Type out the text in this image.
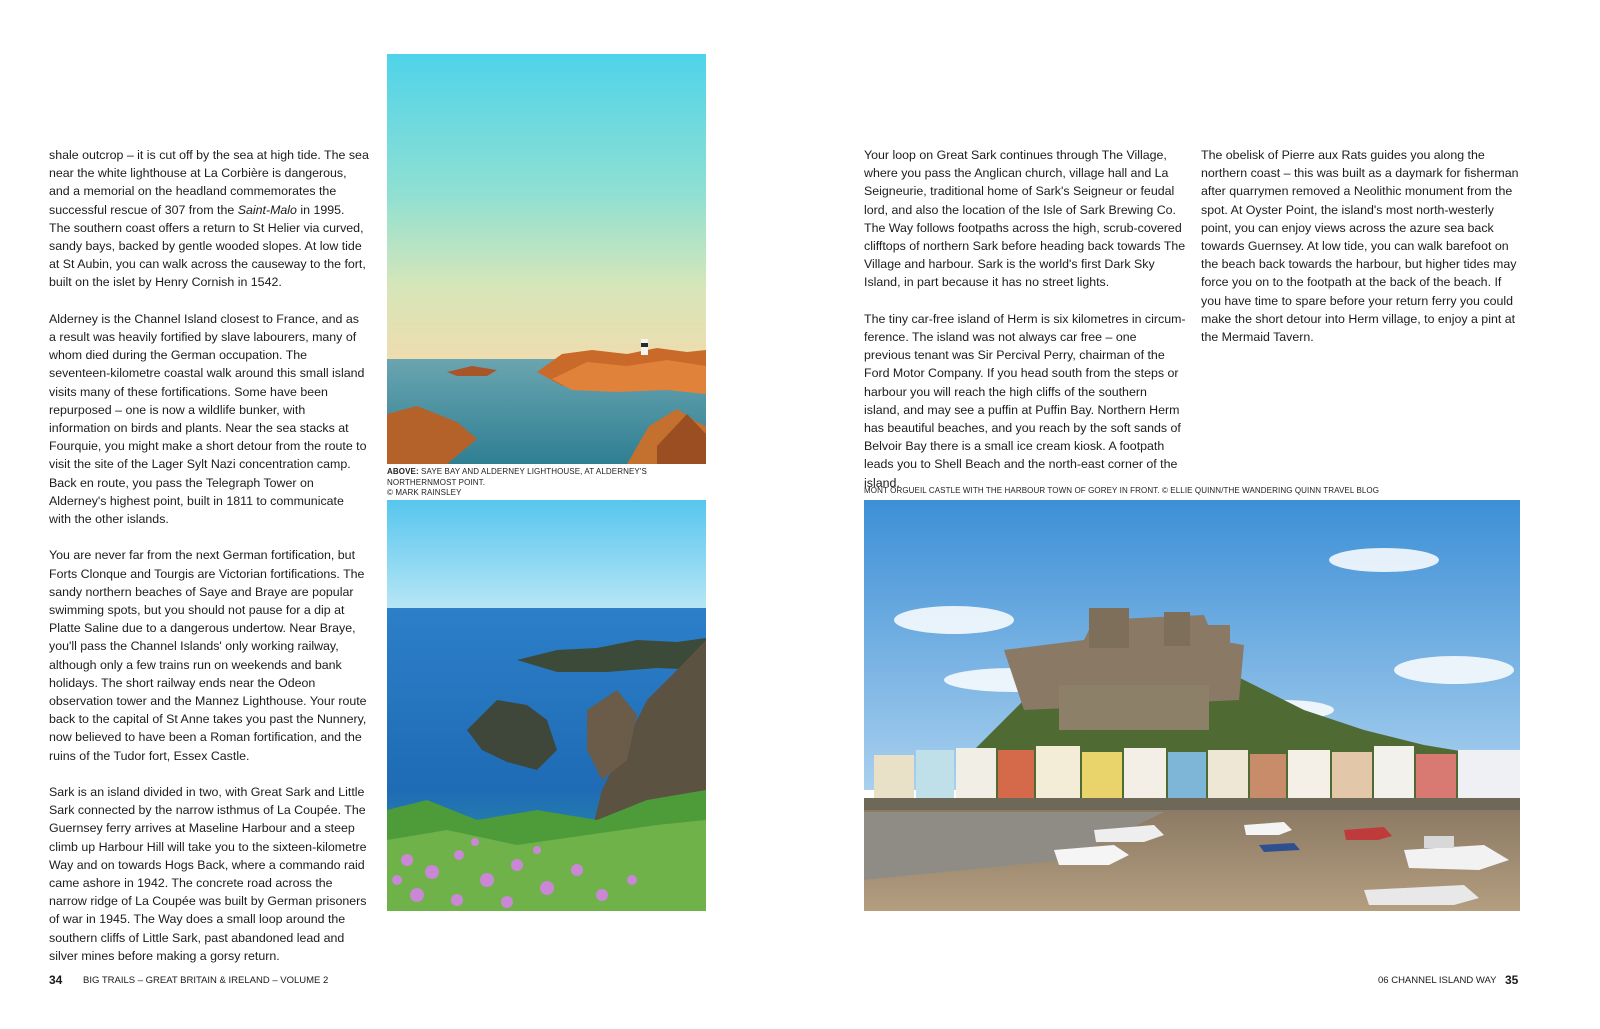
shale outcrop – it is cut off by the sea at high tide. The sea near the white lighthouse at La Corbière is dangerous, and a memorial on the headland commemorates the successful rescue of 307 from the Saint-Malo in 1995. The southern coast offers a return to St Helier via curved, sandy bays, backed by gentle wooded slopes. At low tide at St Aubin, you can walk across the causeway to the fort, built on the islet by Henry Cornish in 1542.

Alderney is the Channel Island closest to France, and as a result was heavily fortified by slave labourers, many of whom died during the German occupation. The seventeen-kilometre coastal walk around this small island visits many of these fortifications. Some have been repurposed – one is now a wildlife bunker, with information on birds and plants. Near the sea stacks at Fourquie, you might make a short detour from the route to visit the site of the Lager Sylt Nazi concentration camp. Back en route, you pass the Telegraph Tower on Alderney's highest point, built in 1811 to communicate with the other islands.

You are never far from the next German fortification, but Forts Clonque and Tourgis are Victorian fortifications. The sandy northern beaches of Saye and Braye are popular swimming spots, but you should not pause for a dip at Platte Saline due to a dangerous undertow. Near Braye, you'll pass the Channel Islands' only working railway, although only a few trains run on weekends and bank holidays. The short railway ends near the Odeon observation tower and the Mannez Lighthouse. Your route back to the capital of St Anne takes you past the Nunnery, now believed to have been a Roman fortification, and the ruins of the Tudor fort, Essex Castle.

Sark is an island divided in two, with Great Sark and Little Sark connected by the narrow isthmus of La Coupée. The Guernsey ferry arrives at Maseline Harbour and a steep climb up Harbour Hill will take you to the sixteen-kilometre Way and on towards Hogs Back, where a commando raid came ashore in 1942. The concrete road across the narrow ridge of La Coupée was built by German prisoners of war in 1945. The Way does a small loop around the southern cliffs of Little Sark, past abandoned lead and silver mines before making a gorsy return.

ABOVE: SAYE BAY AND ALDERNEY LIGHTHOUSE, AT ALDERNEY'S NORTHERNMOST POINT.
© MARK RAINSLEY
34 BIG TRAILS – GREAT BRITAIN & IRELAND – VOLUME 2

Your loop on Great Sark continues through The Village, where you pass the Anglican church, village hall and La Seigneurie, traditional home of Sark's Seigneur or feudal lord, and also the location of the Isle of Sark Brewing Co. The Way follows footpaths across the high, scrub-covered clifftops of northern Sark before heading back towards The Village and harbour. Sark is the world's first Dark Sky Island, in part because it has no street lights.

The tiny car-free island of Herm is six kilometres in circum-ference. The island was not always car free – one previous tenant was Sir Percival Perry, chairman of the Ford Motor Company. If you head south from the steps or harbour you will reach the high cliffs of the southern island, and may see a puffin at Puffin Bay. Northern Herm has beautiful beaches, and you reach by the soft sands of Belvoir Bay there is a small ice cream kiosk. A footpath leads you to Shell Beach and the north-east corner of the island.

The obelisk of Pierre aux Rats guides you along the northern coast – this was built as a daymark for fisherman after quarrymen removed a Neolithic monument from the spot. At Oyster Point, the island's most north-westerly point, you can enjoy views across the azure sea back towards Guernsey. At low tide, you can walk barefoot on the beach back towards the harbour, but higher tides may force you on to the footpath at the back of the beach. If you have time to spare before your return ferry you could make the short detour into Herm village, to enjoy a pint at the Mermaid Tavern.

MONT ORGUEIL CASTLE WITH THE HARBOUR TOWN OF GOREY IN FRONT. © ELLIE QUINN/THE WANDERING QUINN TRAVEL BLOG
06 CHANNEL ISLAND WAY 35
